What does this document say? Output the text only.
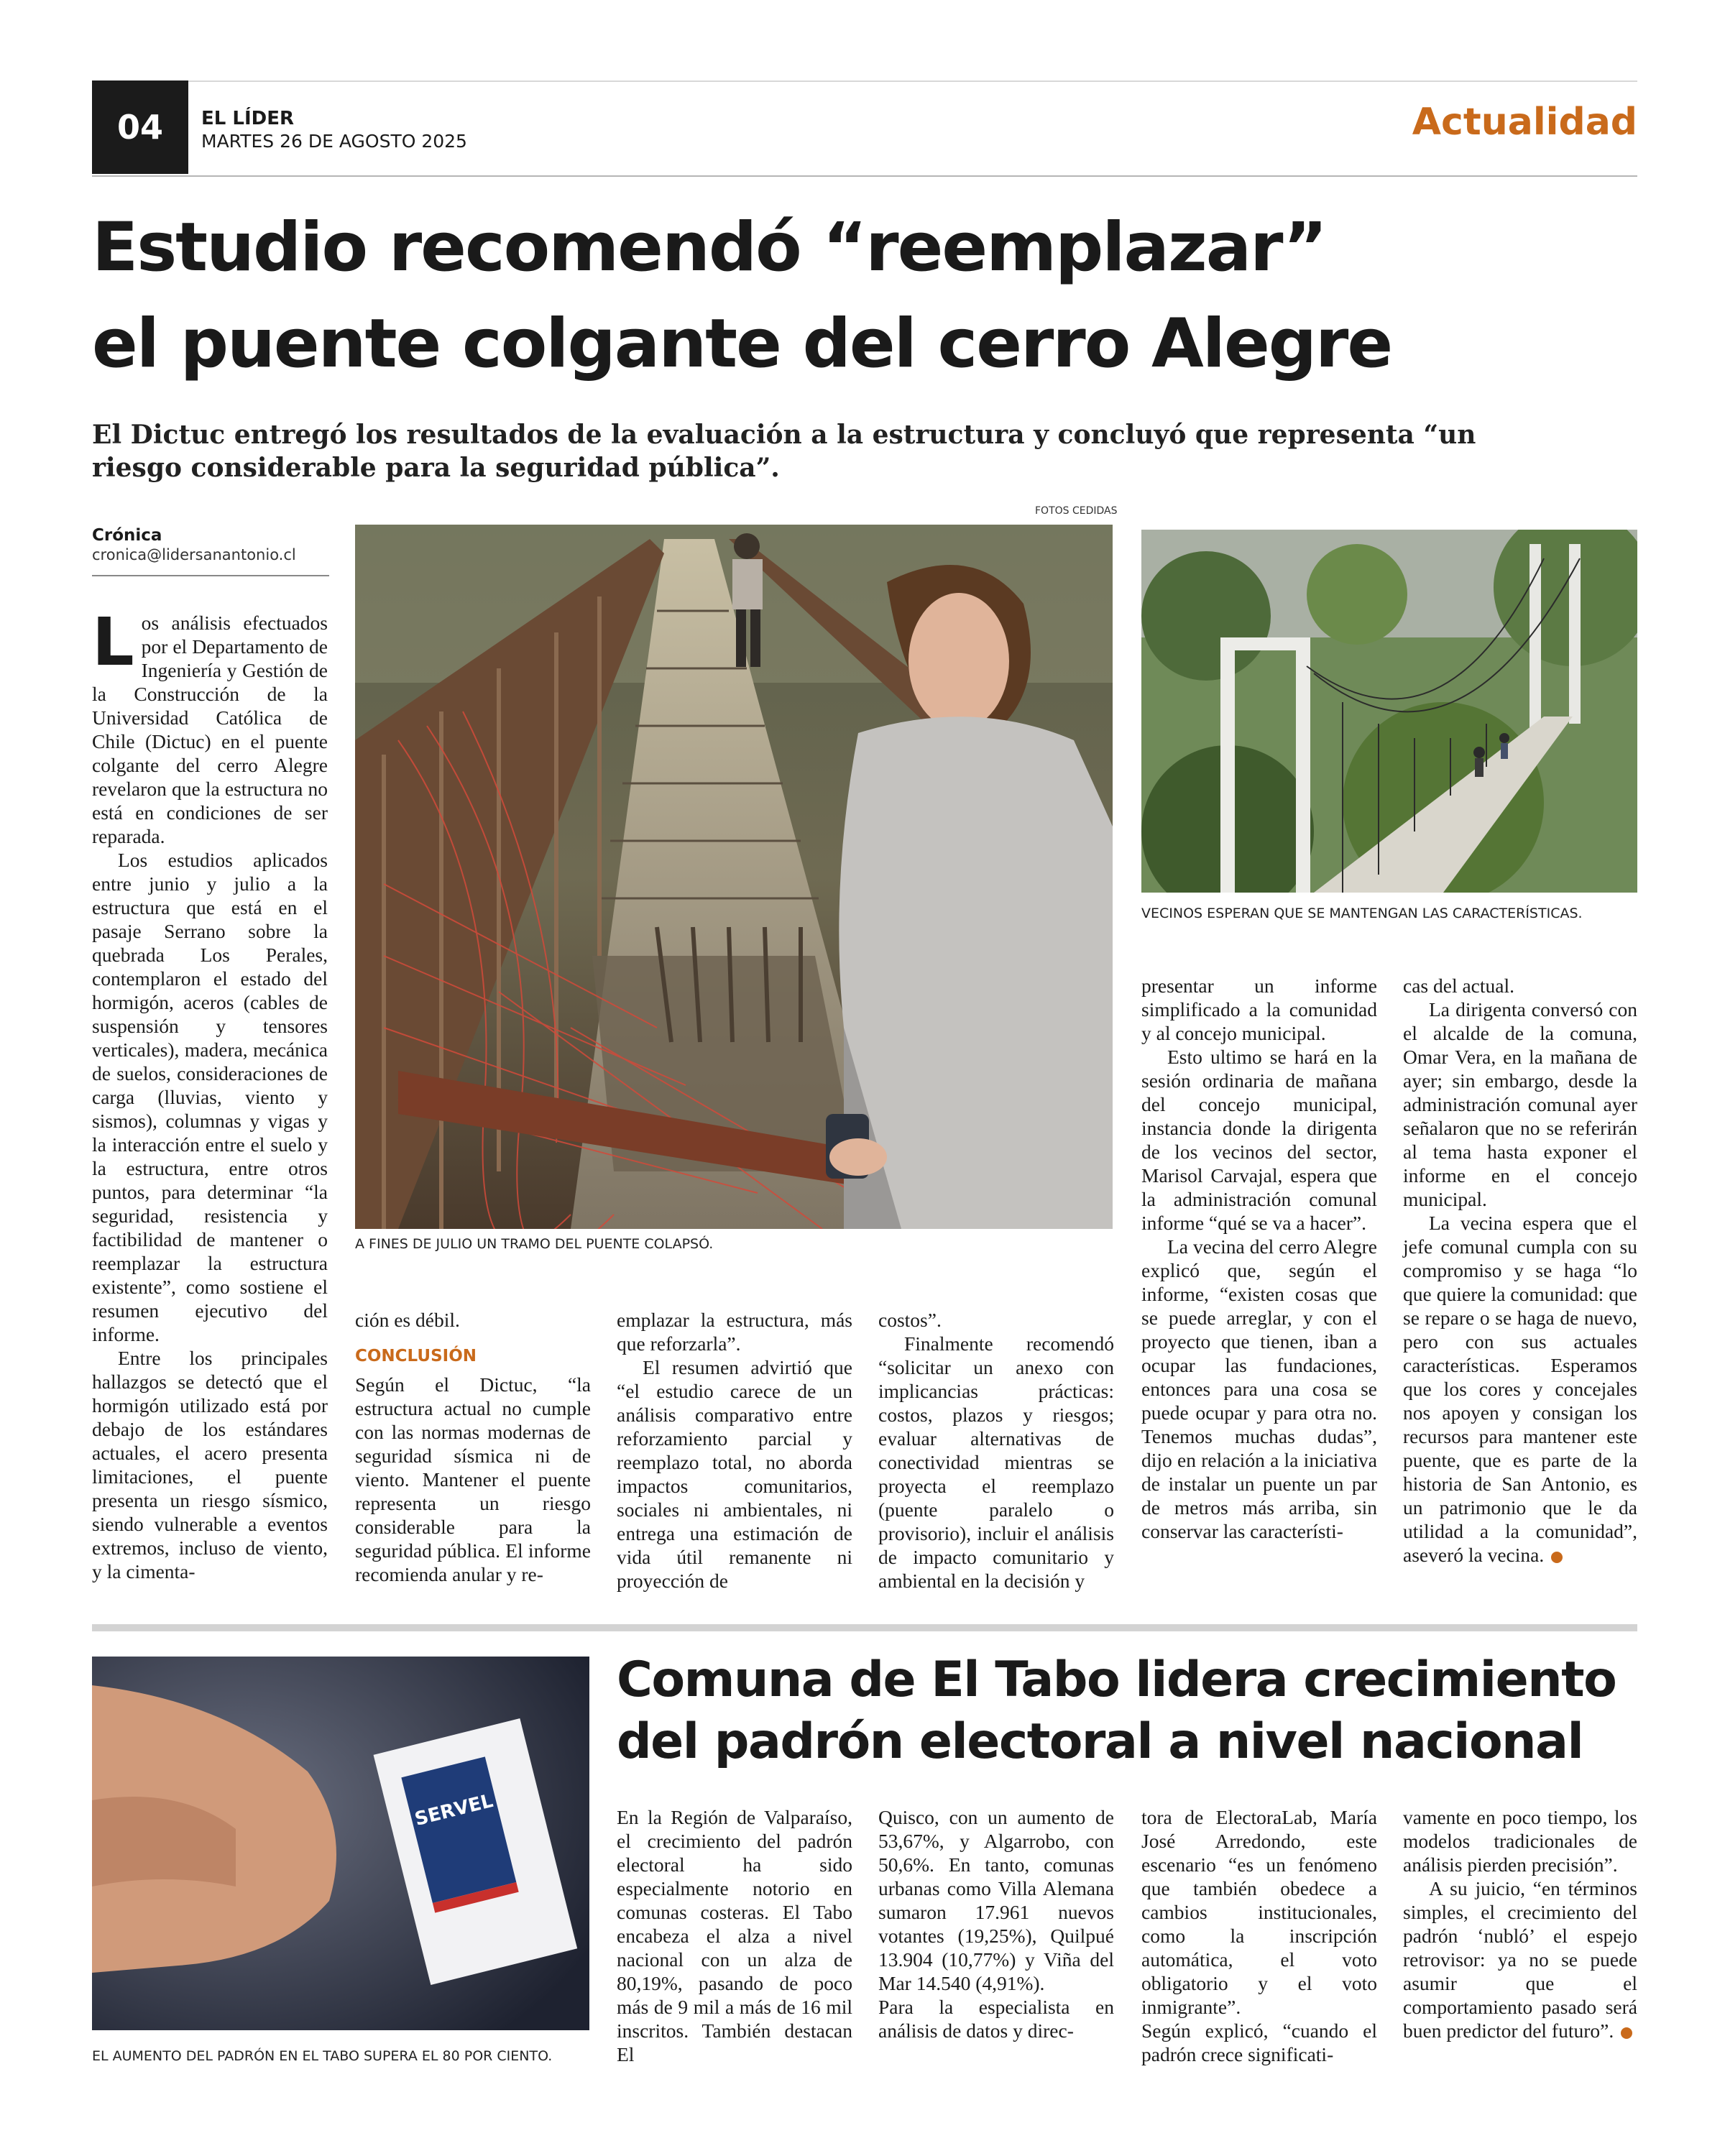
04	EL LÍDER
MARTES 26 DE AGOSTO 2025	Actualidad
Estudio recomendó “reemplazar”
el puente colgante del cerro Alegre
El Dictuc entregó los resultados de la evaluación a la estructura y concluyó que representa “un riesgo considerable para la seguridad pública”.
FOTOS CEDIDAS
Crónica
cronica@lidersanantonio.cl
A FINES DE JULIO UN TRAMO DEL PUENTE COLAPSÓ.
VECINOS ESPERAN QUE SE MANTENGAN LAS CARACTERÍSTICAS.

Los análisis efectuados por el Departamento de Ingeniería y Gestión de la Construcción de la Universidad Católica de Chile (Dictuc) en el puente colgante del cerro Alegre revelaron que la estructura no está en condiciones de ser reparada.

Los estudios aplicados entre junio y julio a la estructura que está en el pasaje Serrano sobre la quebrada Los Perales, contemplaron el estado del hormigón, aceros (cables de suspensión y tensores verticales), madera, mecánica de suelos, consideraciones de carga (lluvias, viento y sismos), columnas y vigas y la interacción entre el suelo y la estructura, entre otros puntos, para determinar “la seguridad, resistencia y factibilidad de mantener o reemplazar la estructura existente”, como sostiene el resumen ejecutivo del informe.

Entre los principales hallazgos se detectó que el hormigón utilizado está por debajo de los estándares actuales, el acero presenta limitaciones, el puente presenta un riesgo sísmico, siendo vulnerable a eventos extremos, incluso de viento, y la cimenta-

ción es débil.

CONCLUSIÓN

Según el Dictuc, “la estructura actual no cumple con las normas modernas de seguridad sísmica ni de viento. Mantener el puente representa un riesgo considerable para la seguridad pública. El informe recomienda anular y re-

emplazar la estructura, más que reforzarla”.

El resumen advirtió que “el estudio carece de un análisis comparativo entre reforzamiento parcial y reemplazo total, no aborda impactos comunitarios, sociales ni ambientales, ni entrega una estimación de vida útil remanente ni proyección de

costos”.

Finalmente recomendó “solicitar un anexo con implicancias prácticas: costos, plazos y riesgos; evaluar alternativas de conectividad mientras se proyecta el reemplazo (puente paralelo o provisorio), incluir el análisis de impacto comunitario y ambiental en la decisión y

presentar un informe simplificado a la comunidad y al concejo municipal.

Esto ultimo se hará en la sesión ordinaria de mañana del concejo municipal, instancia donde la dirigenta de los vecinos del sector, Marisol Carvajal, espera que la administración comunal informe “qué se va a hacer”.

La vecina del cerro Alegre explicó que, según el informe, “existen cosas que se puede arreglar, y con el proyecto que tienen, iban a ocupar las fundaciones, entonces para una cosa se puede ocupar y para otra no. Tenemos muchas dudas”, dijo en relación a la iniciativa de instalar un puente un par de metros más arriba, sin conservar las característi-

cas del actual.

La dirigenta conversó con el alcalde de la comuna, Omar Vera, en la mañana de ayer; sin embargo, desde la administración comunal ayer señalaron que no se referirán al tema hasta exponer el informe en el concejo municipal.

La vecina espera que el jefe comunal cumpla con su compromiso y se haga “lo que quiere la comunidad: que se repare o se haga de nuevo, pero con sus actuales características. Esperamos que los cores y concejales nos apoyen y consigan los recursos para mantener este puente, que es parte de la historia de San Antonio, es un patrimonio que le da utilidad a la comunidad”, aseveró la vecina.	+

SERVEL
EL AUMENTO DEL PADRÓN EN EL TABO SUPERA EL 80 POR CIENTO.
Comuna de El Tabo lidera crecimiento
del padrón electoral a nivel nacional

En la Región de Valparaíso, el crecimiento del padrón electoral ha sido especialmente notorio en comunas costeras. El Tabo encabeza el alza a nivel nacional con un alza de 80,19%, pasando de poco más de 9 mil a más de 16 mil inscritos. También destacan El

Quisco, con un aumento de 53,67%, y Algarrobo, con 50,6%. En tanto, comunas urbanas como Villa Alemana sumaron 17.961 nuevos votantes (19,25%), Quilpué 13.904 (10,77%) y Viña del Mar 14.540 (4,91%).

Para la especialista en análisis de datos y direc-

tora de ElectoraLab, María José Arredondo, este escenario “es un fenómeno que también obedece a cambios institucionales, como la inscripción automática, el voto obligatorio y el voto inmigrante”.

Según explicó, “cuando el padrón crece significati-

vamente en poco tiempo, los modelos tradicionales de análisis pierden precisión”.

A su juicio, “en términos simples, el crecimiento del padrón ‘nubló’ el espejo retrovisor: ya no se puede asumir que el comportamiento pasado será buen predictor del futuro”.	+
